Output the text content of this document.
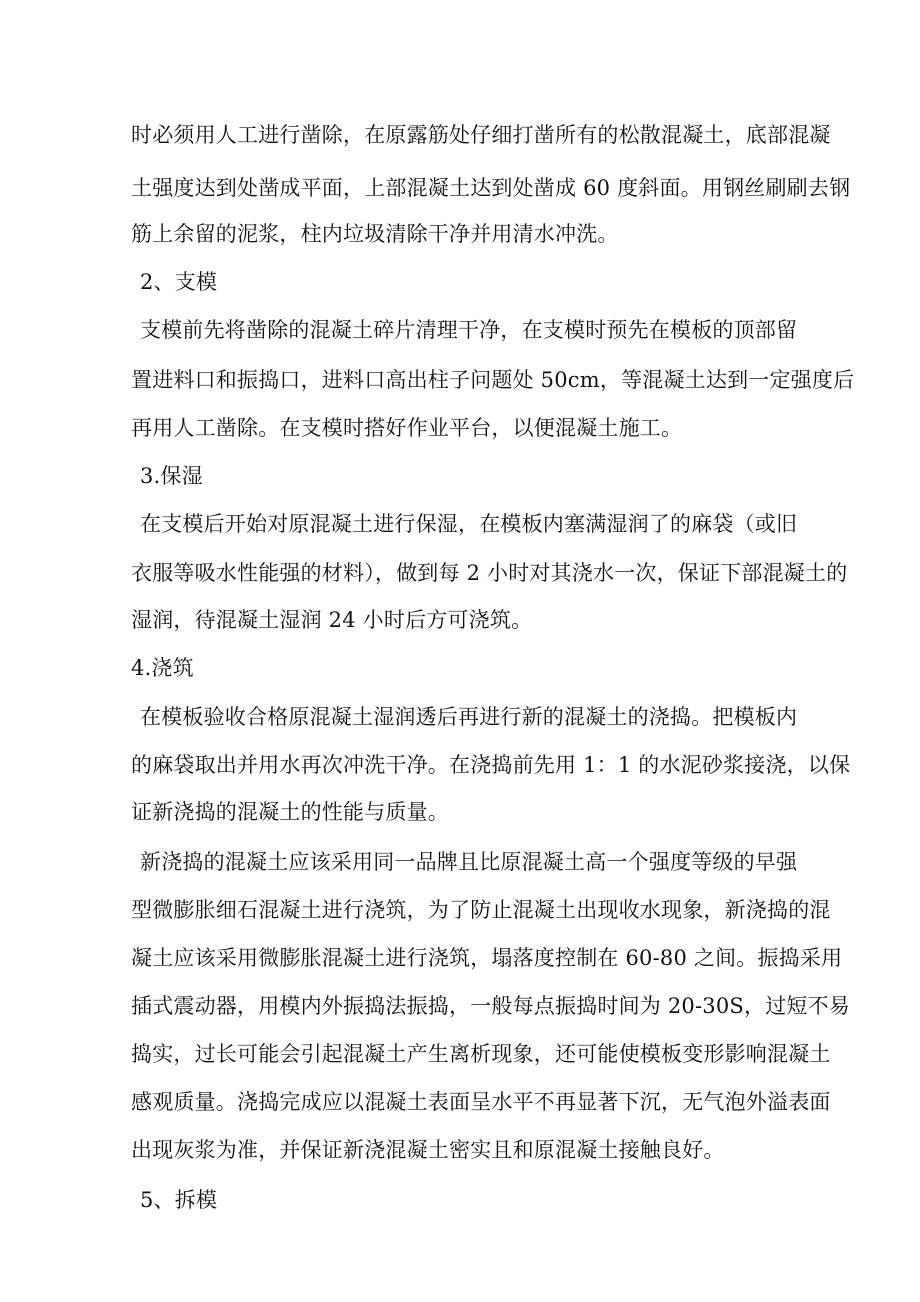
时必须用人工进行凿除，在原露筋处仔细打凿所有的松散混凝土，底部混凝
土强度达到处凿成平面，上部混凝土达到处凿成 60 度斜面。用钢丝刷刷去钢
筋上余留的泥浆，柱内垃圾清除干净并用清水冲洗。
2、支模
支模前先将凿除的混凝土碎片清理干净，在支模时预先在模板的顶部留
置进料口和振捣口，进料口高出柱子问题处 50cm，等混凝土达到一定强度后
再用人工凿除。在支模时搭好作业平台，以便混凝土施工。
3.保湿
在支模后开始对原混凝土进行保湿，在模板内塞满湿润了的麻袋（或旧
衣服等吸水性能强的材料），做到每 2 小时对其浇水一次，保证下部混凝土的
湿润，待混凝土湿润 24 小时后方可浇筑。
4.浇筑
在模板验收合格原混凝土湿润透后再进行新的混凝土的浇捣。把模板内
的麻袋取出并用水再次冲洗干净。在浇捣前先用 1：1 的水泥砂浆接浇，以保
证新浇捣的混凝土的性能与质量。
新浇捣的混凝土应该采用同一品牌且比原混凝土高一个强度等级的早强
型微膨胀细石混凝土进行浇筑，为了防止混凝土出现收水现象，新浇捣的混
凝土应该采用微膨胀混凝土进行浇筑，塌落度控制在 60-80 之间。振捣采用
插式震动器，用模内外振捣法振捣，一般每点振捣时间为 20-30S，过短不易
捣实，过长可能会引起混凝土产生离析现象，还可能使模板变形影响混凝土
感观质量。浇捣完成应以混凝土表面呈水平不再显著下沉，无气泡外溢表面
出现灰浆为准，并保证新浇混凝土密实且和原混凝土接触良好。
5、拆模
